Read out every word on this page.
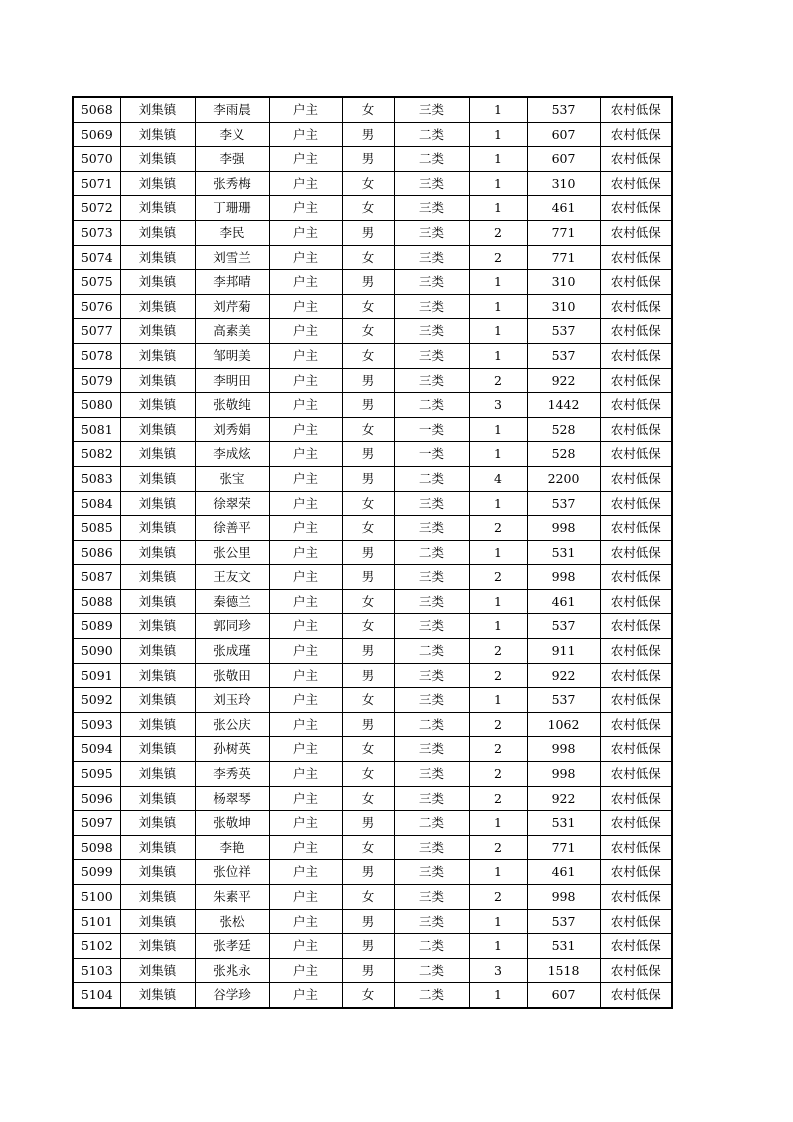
5068	刘集镇	李雨晨	户主	女	三类	1	537	农村低保
5069	刘集镇	李义	户主	男	二类	1	607	农村低保
5070	刘集镇	李强	户主	男	二类	1	607	农村低保
5071	刘集镇	张秀梅	户主	女	三类	1	310	农村低保
5072	刘集镇	丁珊珊	户主	女	三类	1	461	农村低保
5073	刘集镇	李民	户主	男	三类	2	771	农村低保
5074	刘集镇	刘雪兰	户主	女	三类	2	771	农村低保
5075	刘集镇	李邦晴	户主	男	三类	1	310	农村低保
5076	刘集镇	刘芹菊	户主	女	三类	1	310	农村低保
5077	刘集镇	高素美	户主	女	三类	1	537	农村低保
5078	刘集镇	邹明美	户主	女	三类	1	537	农村低保
5079	刘集镇	李明田	户主	男	三类	2	922	农村低保
5080	刘集镇	张敬纯	户主	男	二类	3	1442	农村低保
5081	刘集镇	刘秀娟	户主	女	一类	1	528	农村低保
5082	刘集镇	李成炫	户主	男	一类	1	528	农村低保
5083	刘集镇	张宝	户主	男	二类	4	2200	农村低保
5084	刘集镇	徐翠荣	户主	女	三类	1	537	农村低保
5085	刘集镇	徐善平	户主	女	三类	2	998	农村低保
5086	刘集镇	张公里	户主	男	二类	1	531	农村低保
5087	刘集镇	王友文	户主	男	三类	2	998	农村低保
5088	刘集镇	秦德兰	户主	女	三类	1	461	农村低保
5089	刘集镇	郭同珍	户主	女	三类	1	537	农村低保
5090	刘集镇	张成瑾	户主	男	二类	2	911	农村低保
5091	刘集镇	张敬田	户主	男	三类	2	922	农村低保
5092	刘集镇	刘玉玲	户主	女	三类	1	537	农村低保
5093	刘集镇	张公庆	户主	男	二类	2	1062	农村低保
5094	刘集镇	孙树英	户主	女	三类	2	998	农村低保
5095	刘集镇	李秀英	户主	女	三类	2	998	农村低保
5096	刘集镇	杨翠琴	户主	女	三类	2	922	农村低保
5097	刘集镇	张敬坤	户主	男	二类	1	531	农村低保
5098	刘集镇	李艳	户主	女	三类	2	771	农村低保
5099	刘集镇	张位祥	户主	男	三类	1	461	农村低保
5100	刘集镇	朱素平	户主	女	三类	2	998	农村低保
5101	刘集镇	张松	户主	男	三类	1	537	农村低保
5102	刘集镇	张孝廷	户主	男	二类	1	531	农村低保
5103	刘集镇	张兆永	户主	男	二类	3	1518	农村低保
5104	刘集镇	谷学珍	户主	女	二类	1	607	农村低保
